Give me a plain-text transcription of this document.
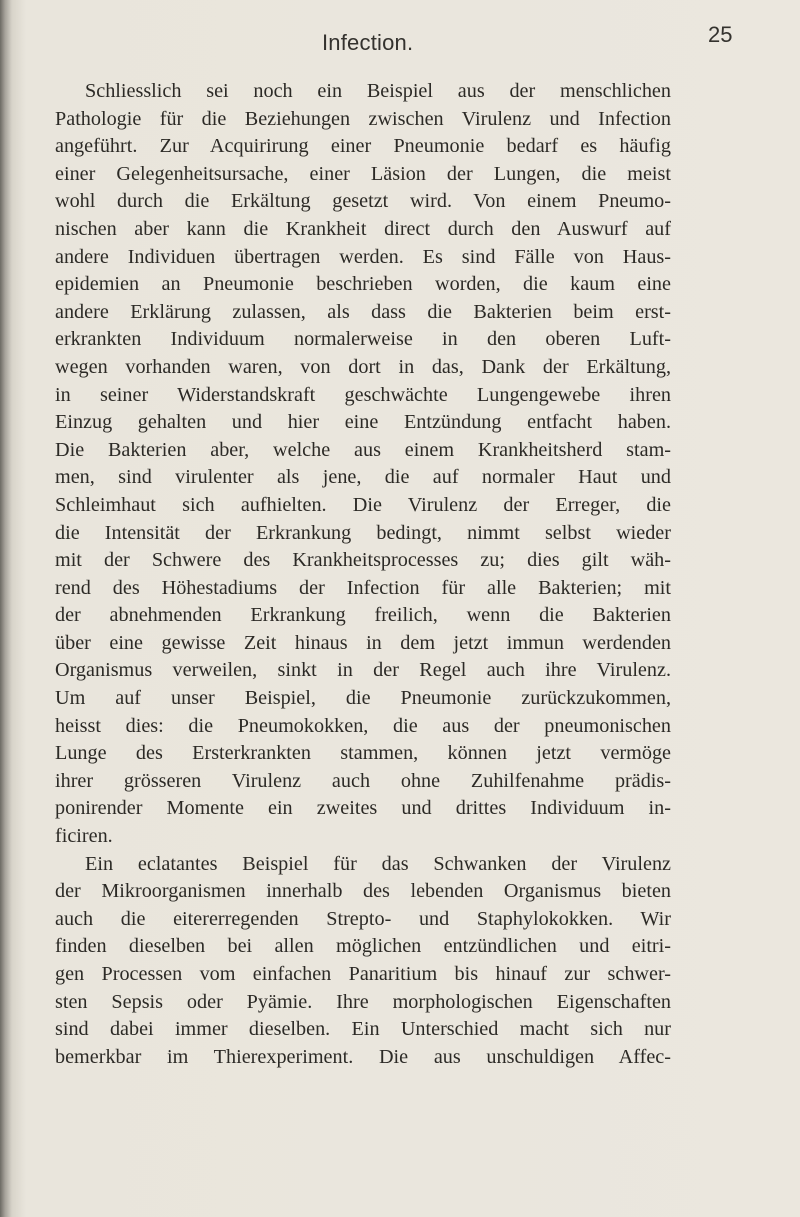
Infection.	25
Schliesslich sei noch ein Beispiel aus der menschlichen
Pathologie für die Beziehungen zwischen Virulenz und Infection
angeführt. Zur Acquirirung einer Pneumonie bedarf es häufig
einer Gelegenheitsursache, einer Läsion der Lungen, die meist
wohl durch die Erkältung gesetzt wird. Von einem Pneumo-
nischen aber kann die Krankheit direct durch den Auswurf auf
andere Individuen übertragen werden. Es sind Fälle von Haus-
epidemien an Pneumonie beschrieben worden, die kaum eine
andere Erklärung zulassen, als dass die Bakterien beim erst-
erkrankten Individuum normalerweise in den oberen Luft-
wegen vorhanden waren, von dort in das, Dank der Erkältung,
in seiner Widerstandskraft geschwächte Lungengewebe ihren
Einzug gehalten und hier eine Entzündung entfacht haben.
Die Bakterien aber, welche aus einem Krankheitsherd stam-
men, sind virulenter als jene, die auf normaler Haut und
Schleimhaut sich aufhielten. Die Virulenz der Erreger, die
die Intensität der Erkrankung bedingt, nimmt selbst wieder
mit der Schwere des Krankheitsprocesses zu; dies gilt wäh-
rend des Höhestadiums der Infection für alle Bakterien; mit
der abnehmenden Erkrankung freilich, wenn die Bakterien
über eine gewisse Zeit hinaus in dem jetzt immun werdenden
Organismus verweilen, sinkt in der Regel auch ihre Virulenz.
Um auf unser Beispiel, die Pneumonie zurückzukommen,
heisst dies: die Pneumokokken, die aus der pneumonischen
Lunge des Ersterkrankten stammen, können jetzt vermöge
ihrer grösseren Virulenz auch ohne Zuhilfenahme prädis-
ponirender Momente ein zweites und drittes Individuum in-
ficiren.
Ein eclatantes Beispiel für das Schwanken der Virulenz
der Mikroorganismen innerhalb des lebenden Organismus bieten
auch die eitererregenden Strepto- und Staphylokokken. Wir
finden dieselben bei allen möglichen entzündlichen und eitri-
gen Processen vom einfachen Panaritium bis hinauf zur schwer-
sten Sepsis oder Pyämie. Ihre morphologischen Eigenschaften
sind dabei immer dieselben. Ein Unterschied macht sich nur
bemerkbar im Thierexperiment. Die aus unschuldigen Affec-
